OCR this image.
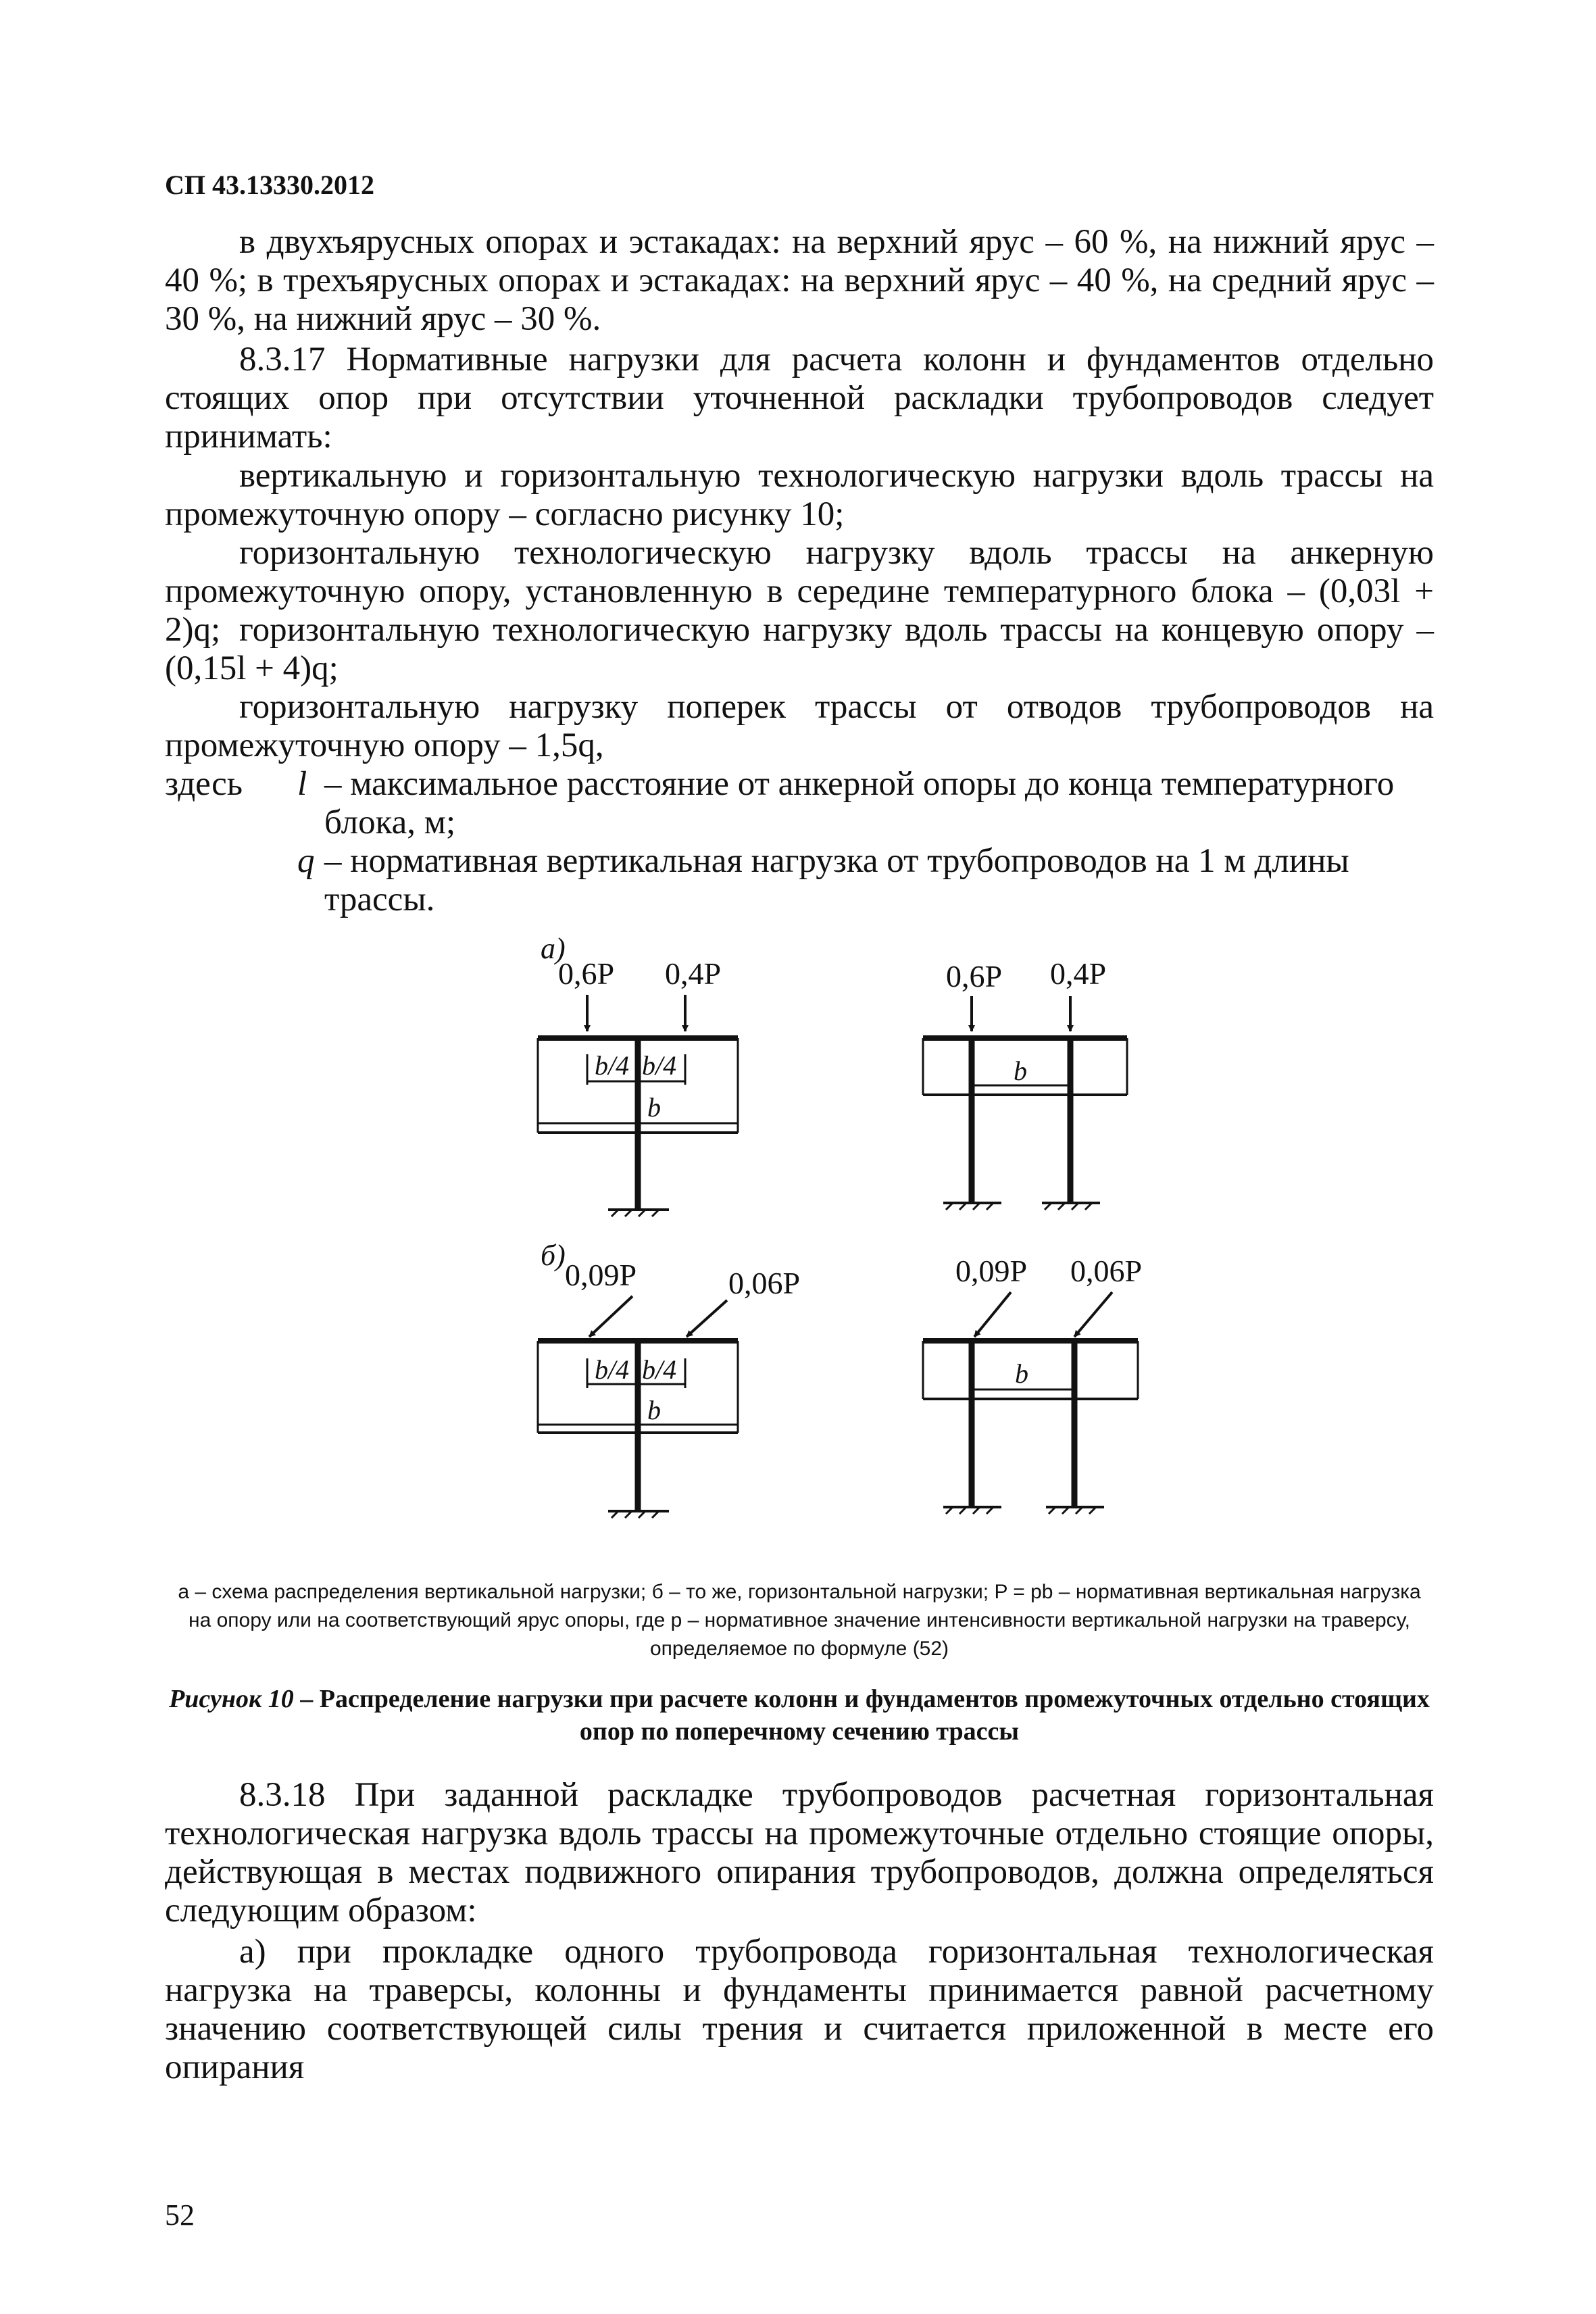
СП 43.13330.2012

в двухъярусных опорах и эстакадах: на верхний ярус – 60 %, на нижний ярус – 40 %; в трехъярусных опорах и эстакадах: на верхний ярус – 40 %, на средний ярус – 30 %, на нижний ярус – 30 %.

8.3.17 Нормативные нагрузки для расчета колонн и фундаментов отдельно стоящих опор при отсутствии уточненной раскладки трубопроводов следует принимать:

вертикальную и горизонтальную технологическую нагрузки вдоль трассы на промежуточную опору – согласно рисунку 10;

горизонтальную технологическую нагрузку вдоль трассы на анкерную промежуточную опору, установленную в середине температурного блока – (0,03l + 2)q; горизонтальную технологическую нагрузку вдоль трассы на концевую опору – (0,15l + 4)q;

горизонтальную нагрузку поперек трассы от отводов трубопроводов на промежуточную опору – 1,5q,

здесь l – максимальное расстояние от анкерной опоры до конца температурного блока, м;
q – нормативная вертикальная нагрузка от трубопроводов на 1 м длины трассы.
а)
0,6P 0,4P
b/4 b/4
b
0,6P 0,4P
b
б)
0,09P	0,06P
b/4 b/4
b
0,09P 0,06P
b
а – схема распределения вертикальной нагрузки; б – то же, горизонтальной нагрузки; P = pb – нормативная вертикальная нагрузка на опору или на соответствующий ярус опоры, где p – нормативное значение интенсивности вертикальной нагрузки на траверсу, определяемое по формуле (52)
Рисунок 10 – Распределение нагрузки при расчете колонн и фундаментов промежуточных отдельно стоящих опор по поперечному сечению трассы

8.3.18 При заданной раскладке трубопроводов расчетная горизонтальная технологическая нагрузка вдоль трассы на промежуточные отдельно стоящие опоры, действующая в местах подвижного опирания трубопроводов, должна определяться следующим образом:

а) при прокладке одного трубопровода горизонтальная технологическая нагрузка на траверсы, колонны и фундаменты принимается равной расчетному значению соответствующей силы трения и считается приложенной в месте его опирания

52
